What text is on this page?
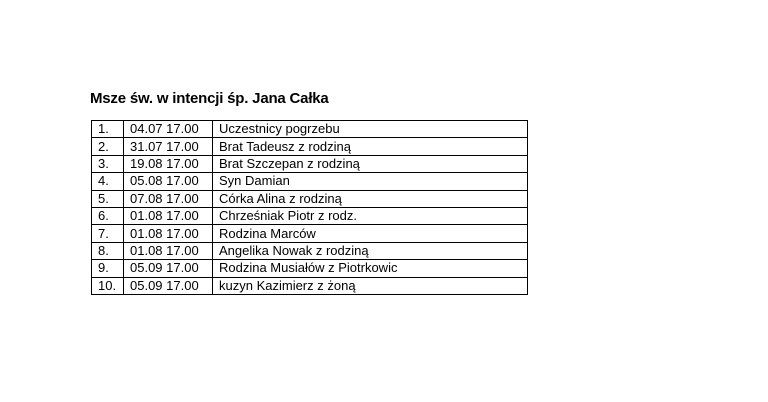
Msze św. w intencji śp. Jana Całka
1.	04.07 17.00	Uczestnicy pogrzebu
2.	31.07 17.00	Brat Tadeusz z rodziną
3.	19.08 17.00	Brat Szczepan z rodziną
4.	05.08 17.00	Syn Damian
5.	07.08 17.00	Córka Alina z rodziną
6.	01.08 17.00	Chrześniak Piotr z rodz.
7.	01.08 17.00	Rodzina Marców
8.	01.08 17.00	Angelika Nowak z rodziną
9.	05.09 17.00	Rodzina Musiałów z Piotrkowic
10.	05.09 17.00	kuzyn Kazimierz z żoną
